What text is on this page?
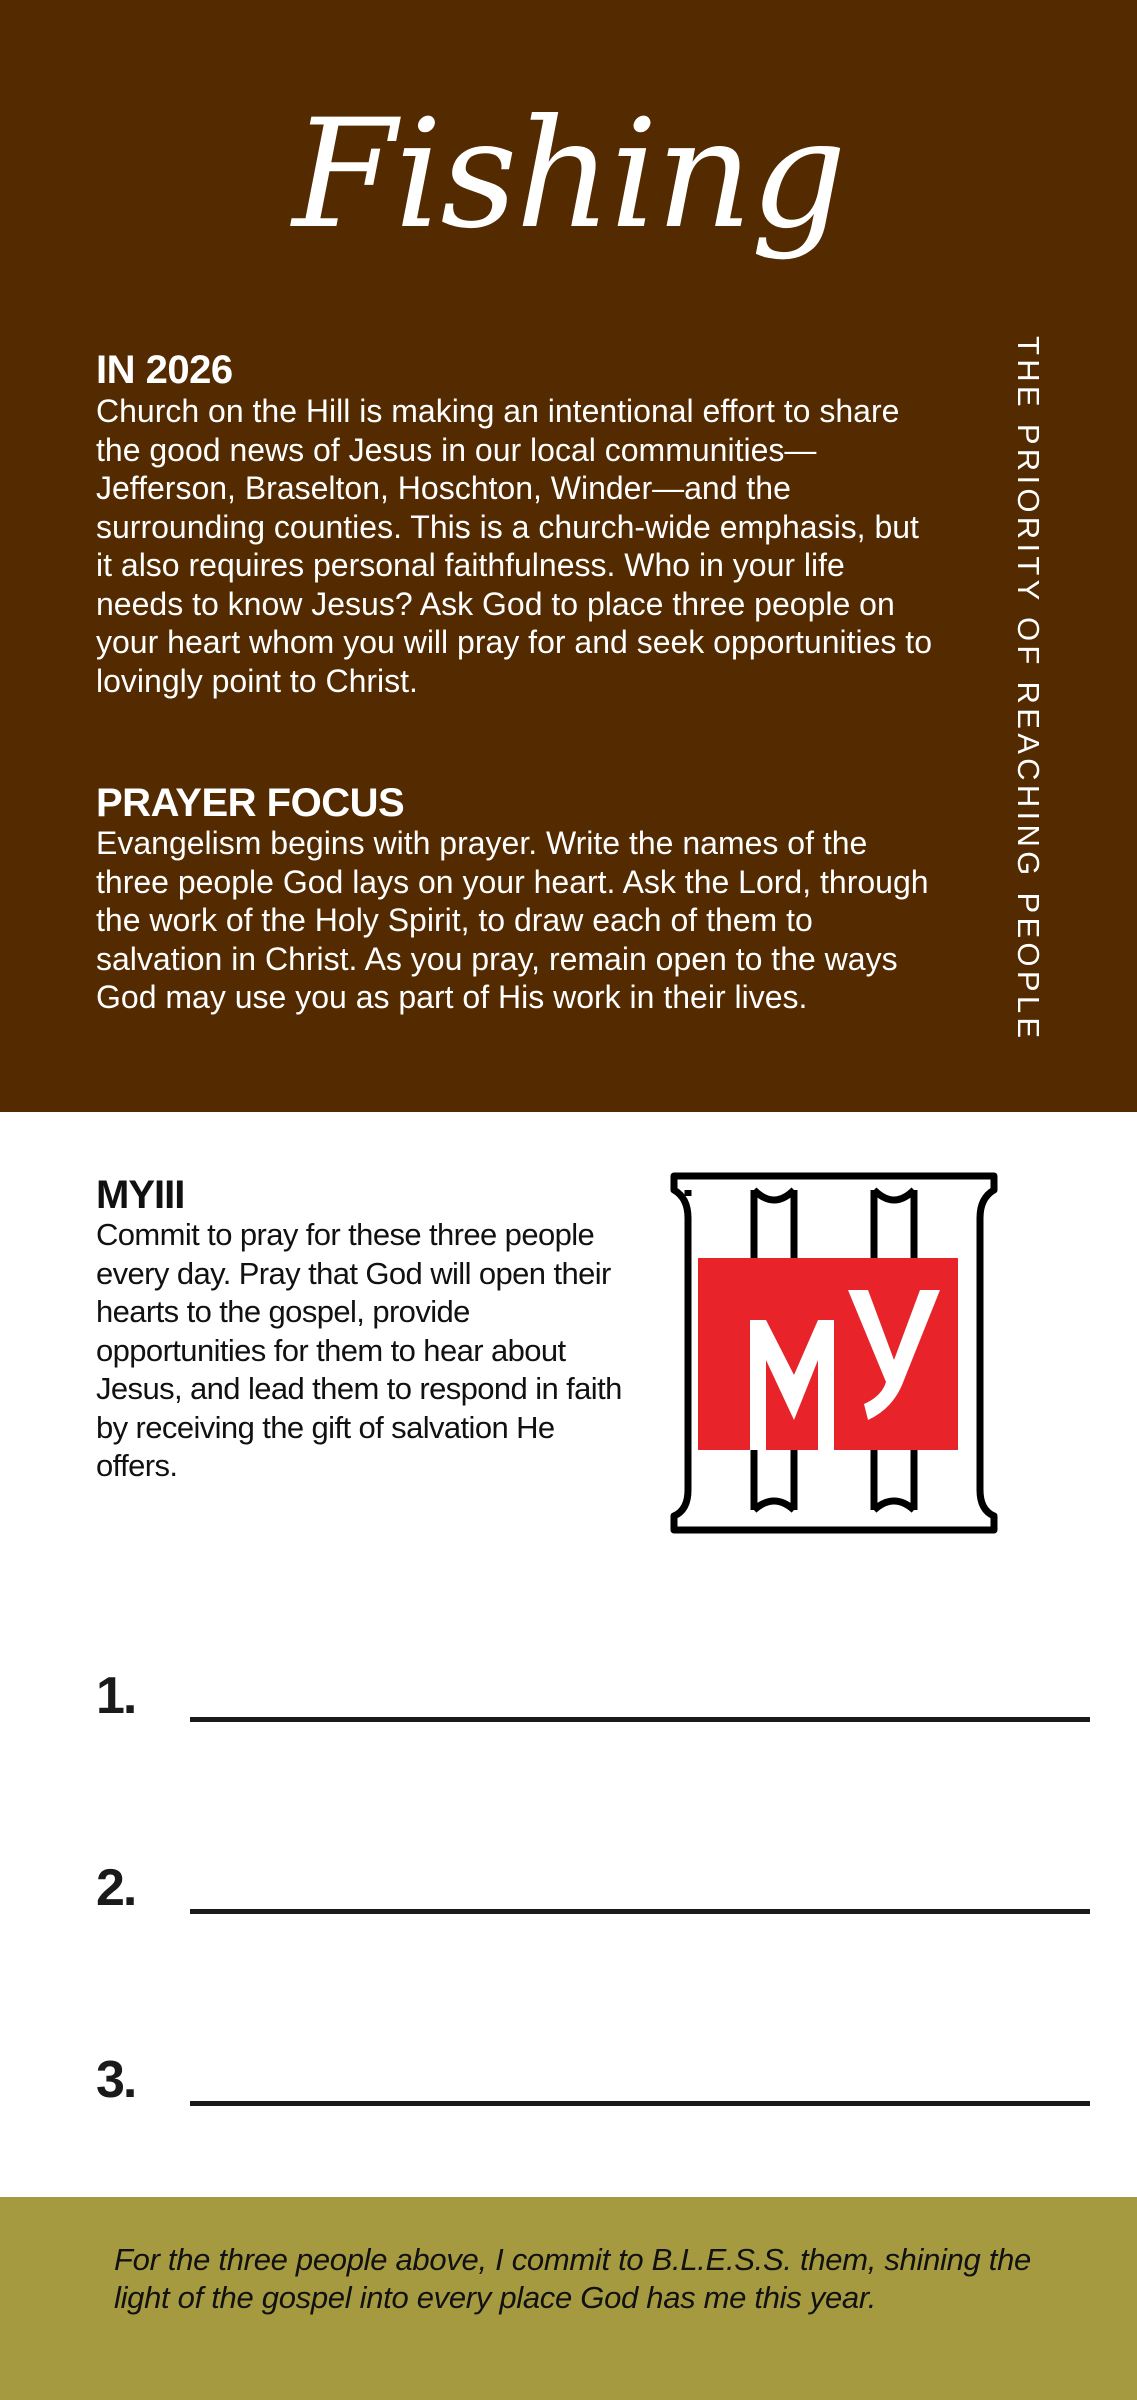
Fishing
IN 2026
Church on the Hill is making an intentional effort to share the good news of Jesus in our local communities—Jefferson, Braselton, Hoschton, Winder—and the surrounding counties. This is a church-wide emphasis, but it also requires personal faithfulness. Who in your life needs to know Jesus? Ask God to place three people on your heart whom you will pray for and seek opportunities to lovingly point to Christ.
PRAYER FOCUS
Evangelism begins with prayer. Write the names of the three people God lays on your heart. Ask the Lord, through the work of the Holy Spirit, to draw each of them to salvation in Christ. As you pray, remain open to the ways God may use you as part of His work in their lives.	THE PRIORITY OF REACHING PEOPLE
MYIII
Commit to pray for these three people every day. Pray that God will open their hearts to the gospel, provide opportunities for them to hear about Jesus, and lead them to respond in faith by receiving the gift of salvation He offers.
1.
2.
3.
For the three people above, I commit to B.L.E.S.S. them, shining the light of the gospel into every place God has me this year.
